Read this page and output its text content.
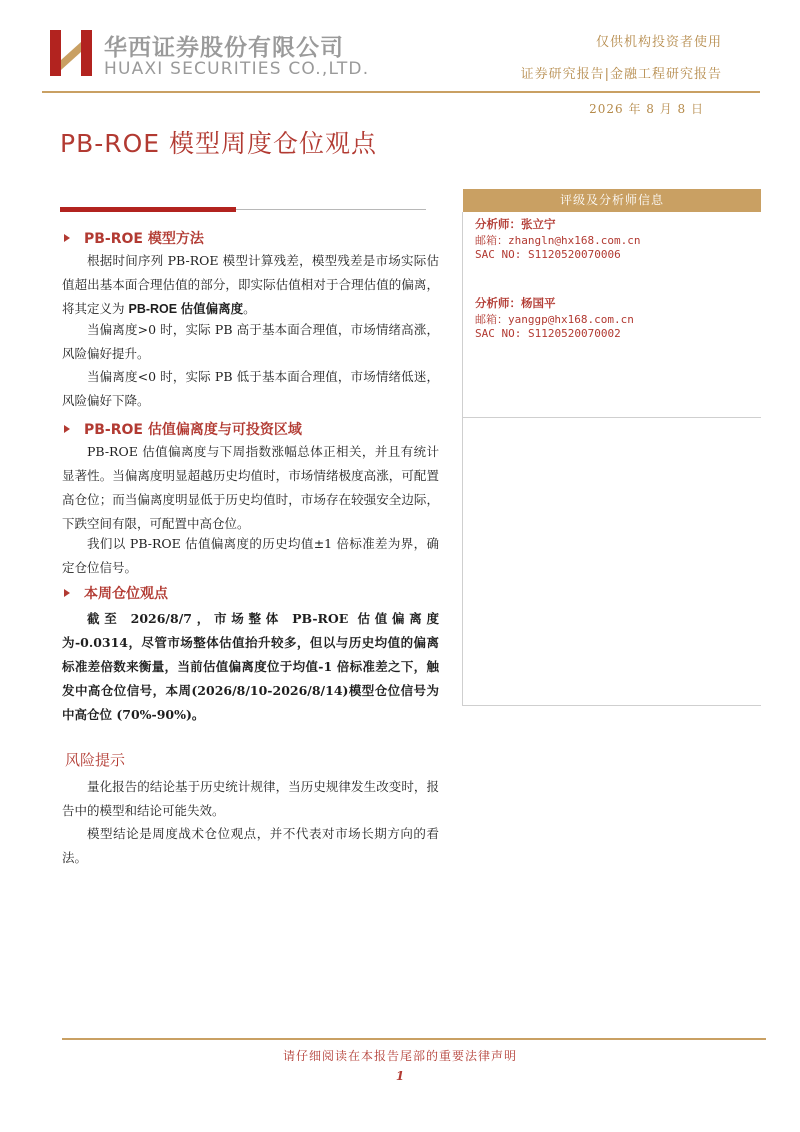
华西证券股份有限公司
HUAXI SECURITIES CO.,LTD.
仅供机构投资者使用
证券研究报告|金融工程研究报告
2026 年 8 月 8 日
PB-ROE 模型周度仓位观点
PB-ROE 模型方法
根据时间序列 PB-ROE 模型计算残差，模型残差是市场实际估值超出基本面合理估值的部分，即实际估值相对于合理估值的偏离，将其定义为 PB-ROE 估值偏离度。
当偏离度>0 时，实际 PB 高于基本面合理值，市场情绪高涨，风险偏好提升。
当偏离度<0 时，实际 PB 低于基本面合理值，市场情绪低迷，风险偏好下降。
PB-ROE 估值偏离度与可投资区域
PB-ROE 估值偏离度与下周指数涨幅总体正相关，并且有统计显著性。当偏离度明显超越历史均值时，市场情绪极度高涨，可配置高仓位；而当偏离度明显低于历史均值时，市场存在较强安全边际，下跌空间有限，可配置中高仓位。
我们以 PB-ROE 估值偏离度的历史均值±1 倍标准差为界，确定仓位信号。
本周仓位观点
截至 2026/8/7，市场整体 PB-ROE 估值偏离度为-0.0314，尽管市场整体估值抬升较多，但以与历史均值的偏离标准差倍数来衡量，当前估值偏离度位于均值-1 倍标准差之下，触发中高仓位信号，本周(2026/8/10-2026/8/14)模型仓位信号为中高仓位 (70%-90%)。
风险提示
量化报告的结论基于历史统计规律，当历史规律发生改变时，报告中的模型和结论可能失效。
模型结论是周度战术仓位观点，并不代表对市场长期方向的看法。
评级及分析师信息
分析师：张立宁
邮箱：zhangln@hx168.com.cn
SAC NO: S1120520070006
分析师：杨国平
邮箱：yanggp@hx168.com.cn
SAC NO: S1120520070002
请仔细阅读在本报告尾部的重要法律声明
1
